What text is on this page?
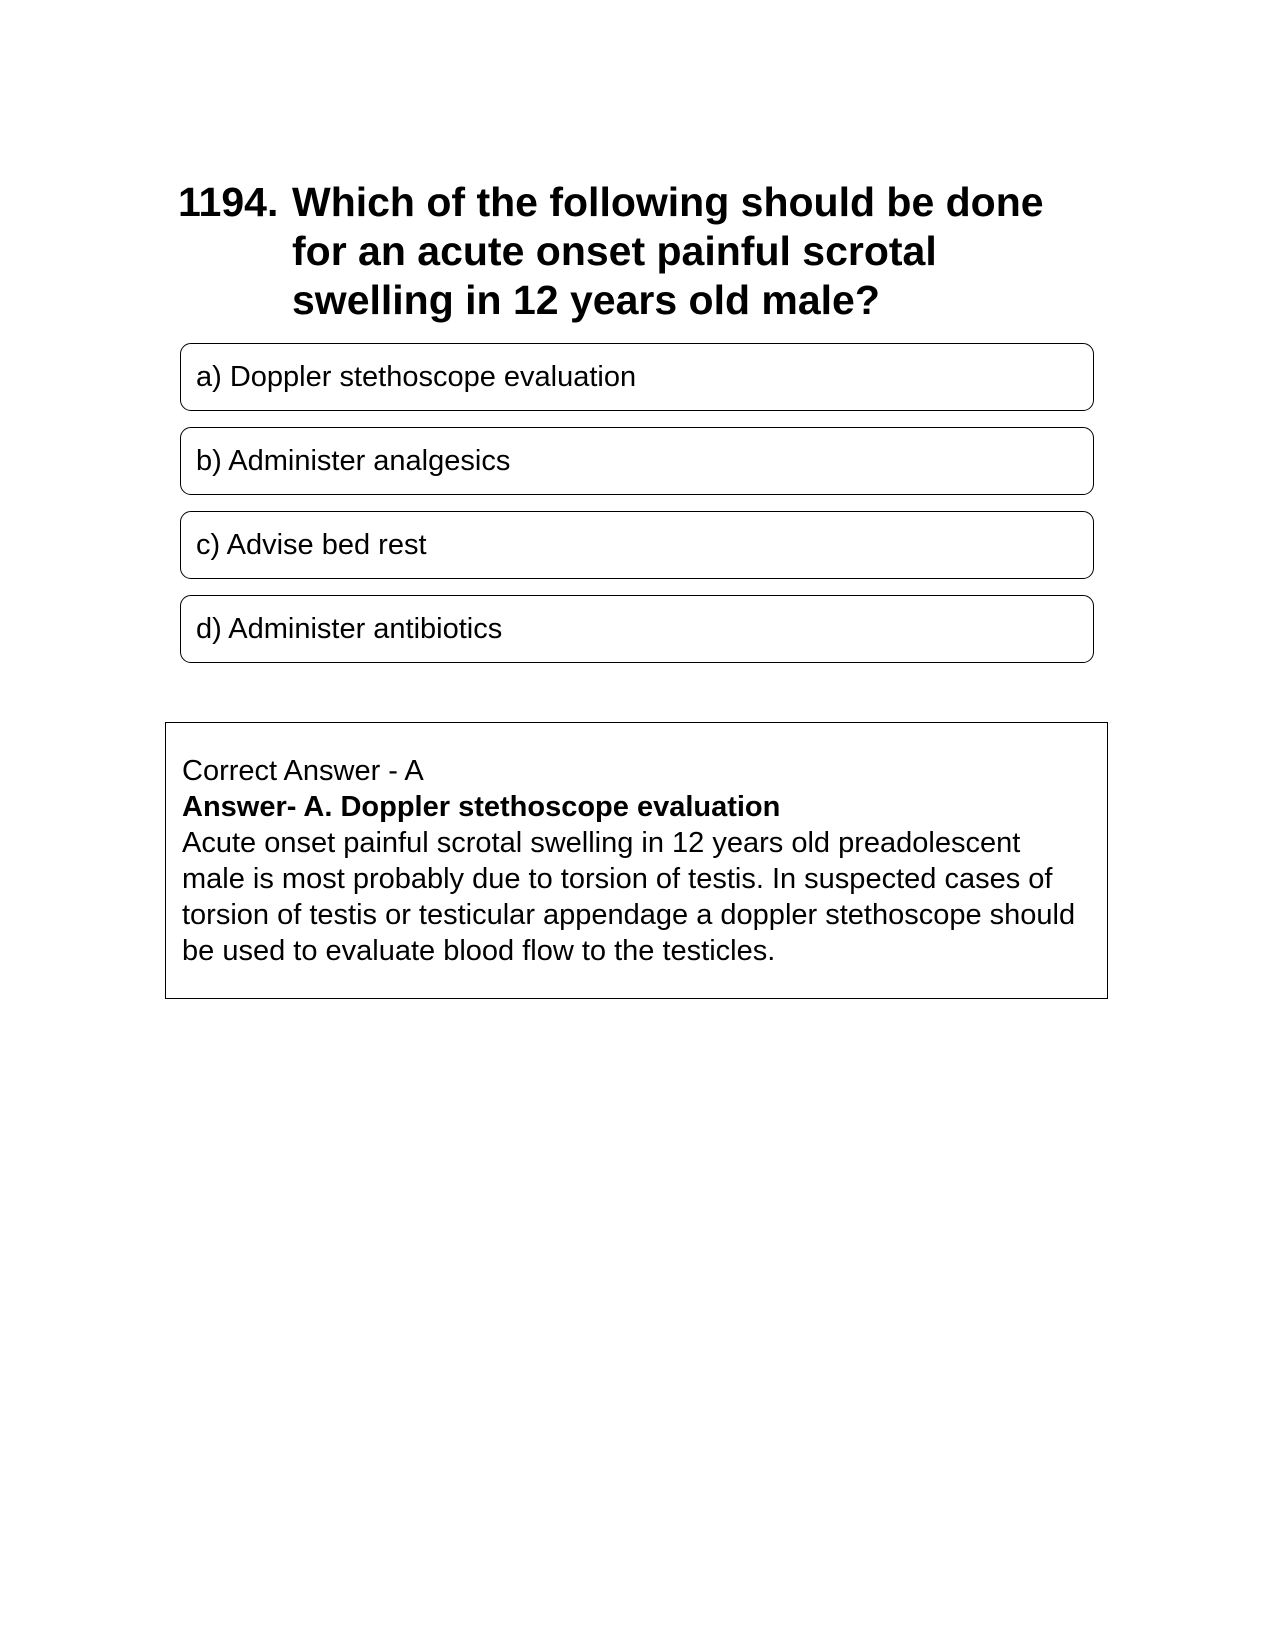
1194. Which of the following should be done for an acute onset painful scrotal swelling in 12 years old male?
a) Doppler stethoscope evaluation
b) Administer analgesics
c) Advise bed rest
d) Administer antibiotics
Correct Answer - A
Answer- A. Doppler stethoscope evaluation
Acute onset painful scrotal swelling in 12 years old preadolescent male is most probably due to torsion of testis. In suspected cases of torsion of testis or testicular appendage a doppler stethoscope should be used to evaluate blood flow to the testicles.
